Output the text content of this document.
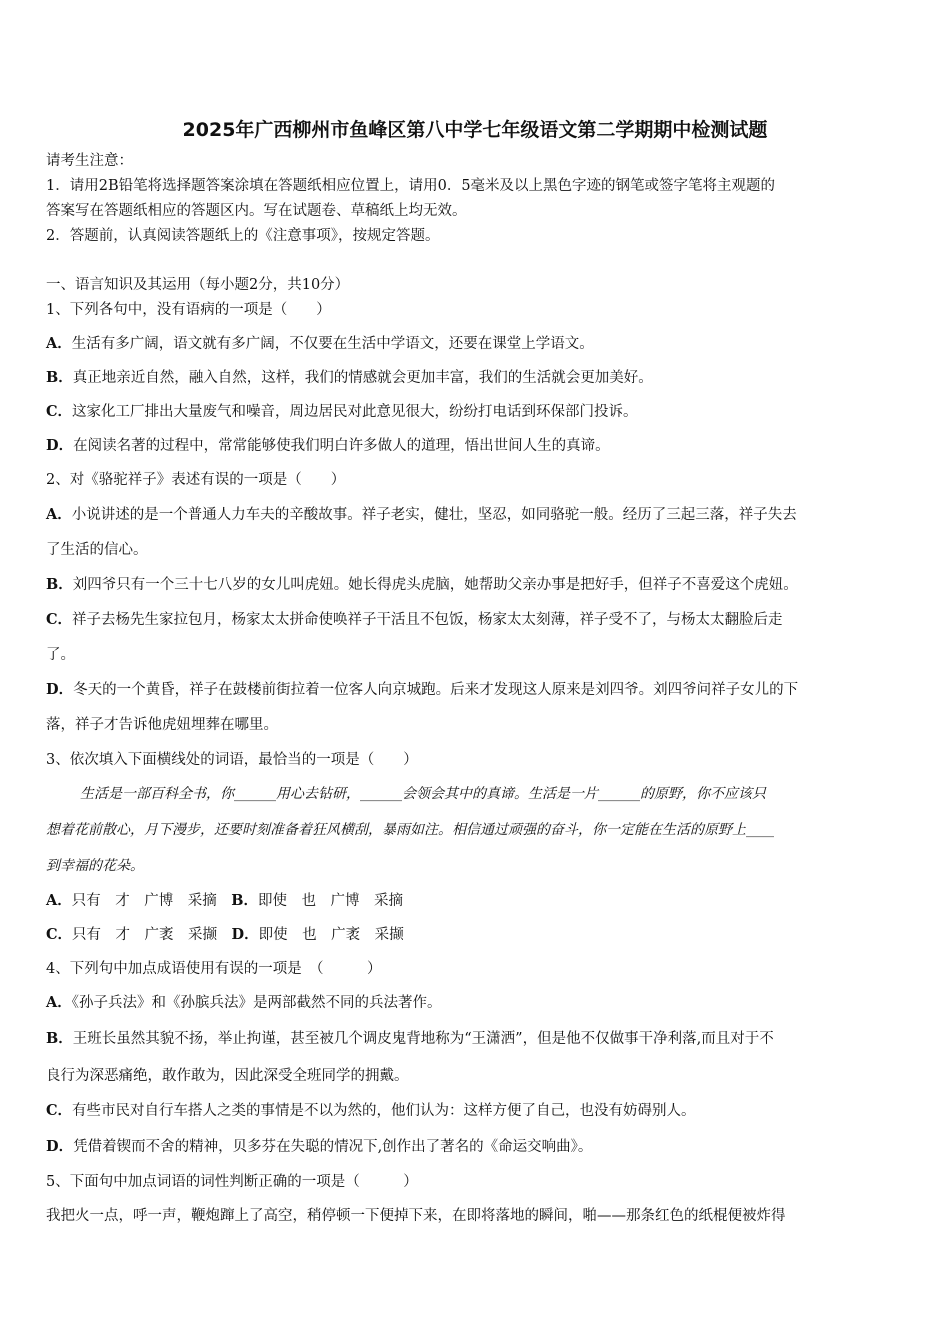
2025年广西柳州市鱼峰区第八中学七年级语文第二学期期中检测试题
请考生注意：
1．请用2B铅笔将选择题答案涂填在答题纸相应位置上，请用0．5毫米及以上黑色字迹的钢笔或签字笔将主观题的
答案写在答题纸相应的答题区内。写在试题卷、草稿纸上均无效。
2．答题前，认真阅读答题纸上的《注意事项》，按规定答题。
一、语言知识及其运用（每小题2分，共10分）
1、下列各句中，没有语病的一项是（　　）
A．生活有多广阔，语文就有多广阔，不仅要在生活中学语文，还要在课堂上学语文。
B．真正地亲近自然，融入自然，这样，我们的情感就会更加丰富，我们的生活就会更加美好。
C．这家化工厂排出大量废气和噪音，周边居民对此意见很大，纷纷打电话到环保部门投诉。
D．在阅读名著的过程中，常常能够使我们明白许多做人的道理，悟出世间人生的真谛。
2、对《骆驼祥子》表述有误的一项是（　　）
A．小说讲述的是一个普通人力车夫的辛酸故事。祥子老实，健壮，坚忍，如同骆驼一般。经历了三起三落，祥子失去
了生活的信心。
B．刘四爷只有一个三十七八岁的女儿叫虎妞。她长得虎头虎脑，她帮助父亲办事是把好手，但祥子不喜爱这个虎妞。
C．祥子去杨先生家拉包月，杨家太太拼命使唤祥子干活且不包饭，杨家太太刻薄，祥子受不了，与杨太太翻脸后走
了。
D．冬天的一个黄昏，祥子在鼓楼前街拉着一位客人向京城跑。后来才发现这人原来是刘四爷。刘四爷问祥子女儿的下
落，祥子才告诉他虎妞埋葬在哪里。
3、依次填入下面横线处的词语，最恰当的一项是（　　）
生活是一部百科全书，你______用心去钻研，______会领会其中的真谛。生活是一片______的原野，你不应该只
想着花前散心，月下漫步，还要时刻准备着狂风横刮，暴雨如注。相信通过顽强的奋斗，你一定能在生活的原野上____
到幸福的花朵。
A．只有　才　广博　采摘　B．即使　也　广博　采摘
C．只有　才　广袤　采撷　D．即使　也　广袤　采撷
4、下列句中加点成语使用有误的一项是　（　　　）
A．《孙子兵法》和《孙膑兵法》是两部截然不同的兵法著作。
B．王班长虽然其貌不扬，举止拘谨，甚至被几个调皮鬼背地称为“王潇洒”，但是他不仅做事干净利落,而且对于不
良行为深恶痛绝，敢作敢为，因此深受全班同学的拥戴。
C．有些市民对自行车搭人之类的事情是不以为然的，他们认为：这样方便了自己，也没有妨碍别人。
D．凭借着锲而不舍的精神，贝多芬在失聪的情况下,创作出了著名的《命运交响曲》。
5、下面句中加点词语的词性判断正确的一项是（　　　）
我把火一点，呼一声，鞭炮蹿上了高空，稍停顿一下便掉下来，在即将落地的瞬间，啪——那条红色的纸棍便被炸得
